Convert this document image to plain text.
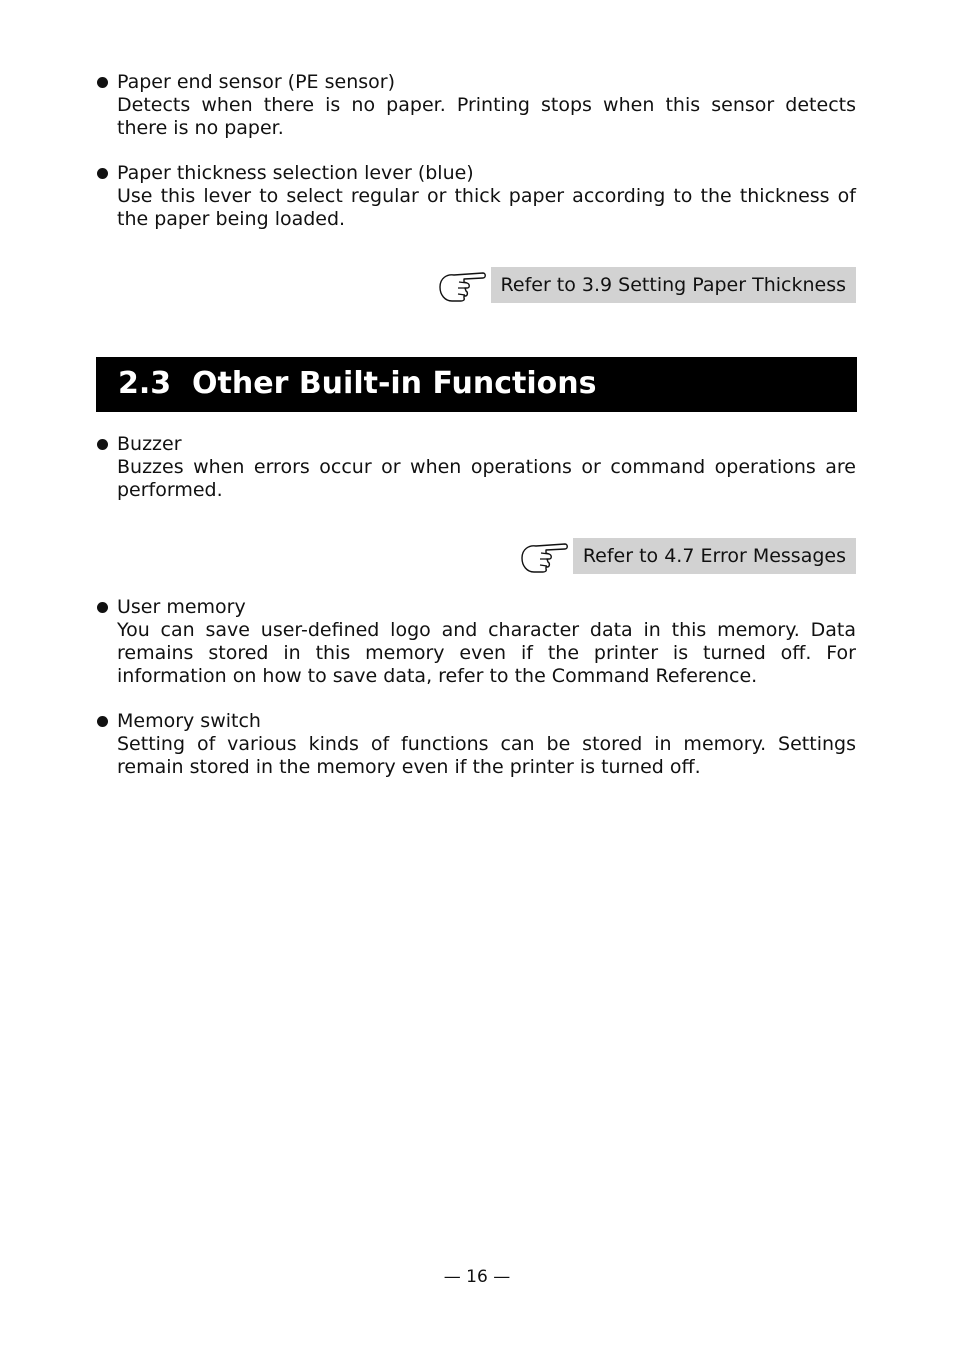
Paper end sensor (PE sensor)
Detects when there is no paper. Printing stops when this sensor detects there is no paper.
Paper thickness selection lever (blue)
Use this lever to select regular or thick paper according to the thickness of the paper being loaded.
Refer to 3.9 Setting Paper Thickness
2.3  Other Built-in Functions
Buzzer
Buzzes when errors occur or when operations or command operations are performed.
Refer to 4.7 Error Messages
User memory
You can save user-defined logo and character data in this memory. Data remains stored in this memory even if the printer is turned off. For information on how to save data, refer to the Command Reference.
Memory switch
Setting of various kinds of functions can be stored in memory. Settings remain stored in the memory even if the printer is turned off.
— 16 —
